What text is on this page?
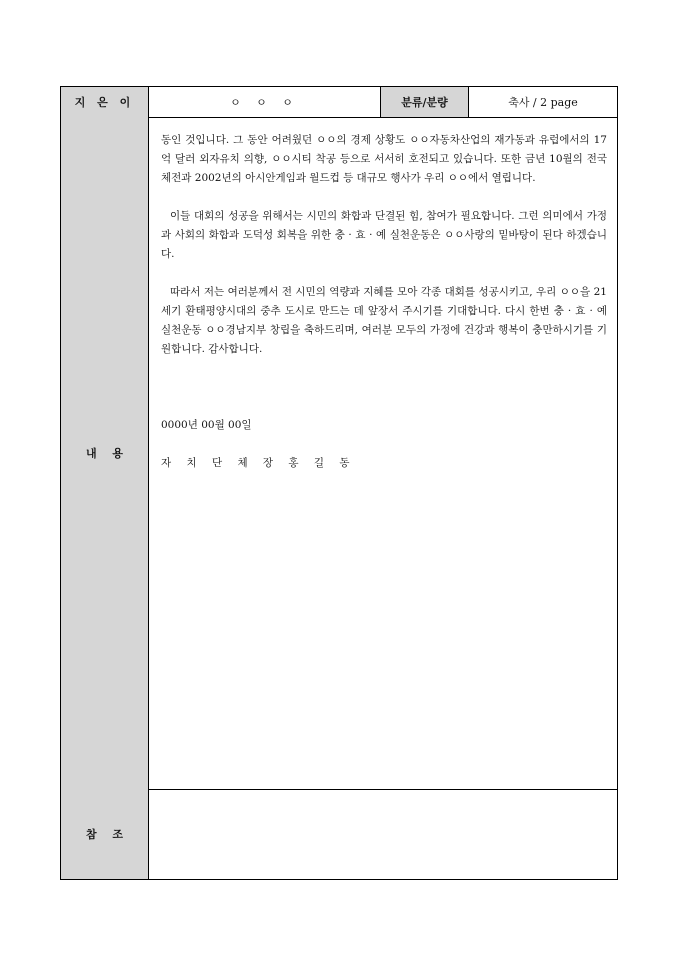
지 은 이	ㅇ ㅇ ㅇ	분류/분량	축사 / 2 page
내 용

동인 것입니다. 그 동안 어려웠던 ㅇㅇ의 경제 상황도 ㅇㅇ자동차산업의 재가동과 유럽에서의 17억 달러 외자유치 의향, ㅇㅇ시티 착공 등으로 서서히 호전되고 있습니다. 또한 금년 10월의 전국체전과 2002년의 아시안게임과 월드컵 등 대규모 행사가 우리 ㅇㅇ에서 열립니다.

이들 대회의 성공을 위해서는 시민의 화합과 단결된 힘, 참여가 필요합니다. 그런 의미에서 가정과 사회의 화합과 도덕성 회복을 위한 충 · 효 · 예 실천운동은 ㅇㅇ사랑의 밑바탕이 된다 하겠습니다.

따라서 저는 여러분께서 전 시민의 역량과 지혜를 모아 각종 대회를 성공시키고, 우리 ㅇㅇ을 21세기 환태평양시대의 중추 도시로 만드는 데 앞장서 주시기를 기대합니다. 다시 한번 충 · 효 · 예 실천운동 ㅇㅇ경남지부 창립을 축하드리며, 여러분 모두의 가정에 건강과 행복이 충만하시기를 기원합니다. 감사합니다.

0000년 00월 00일

자 치 단 체 장 홍 길 동

참 조
